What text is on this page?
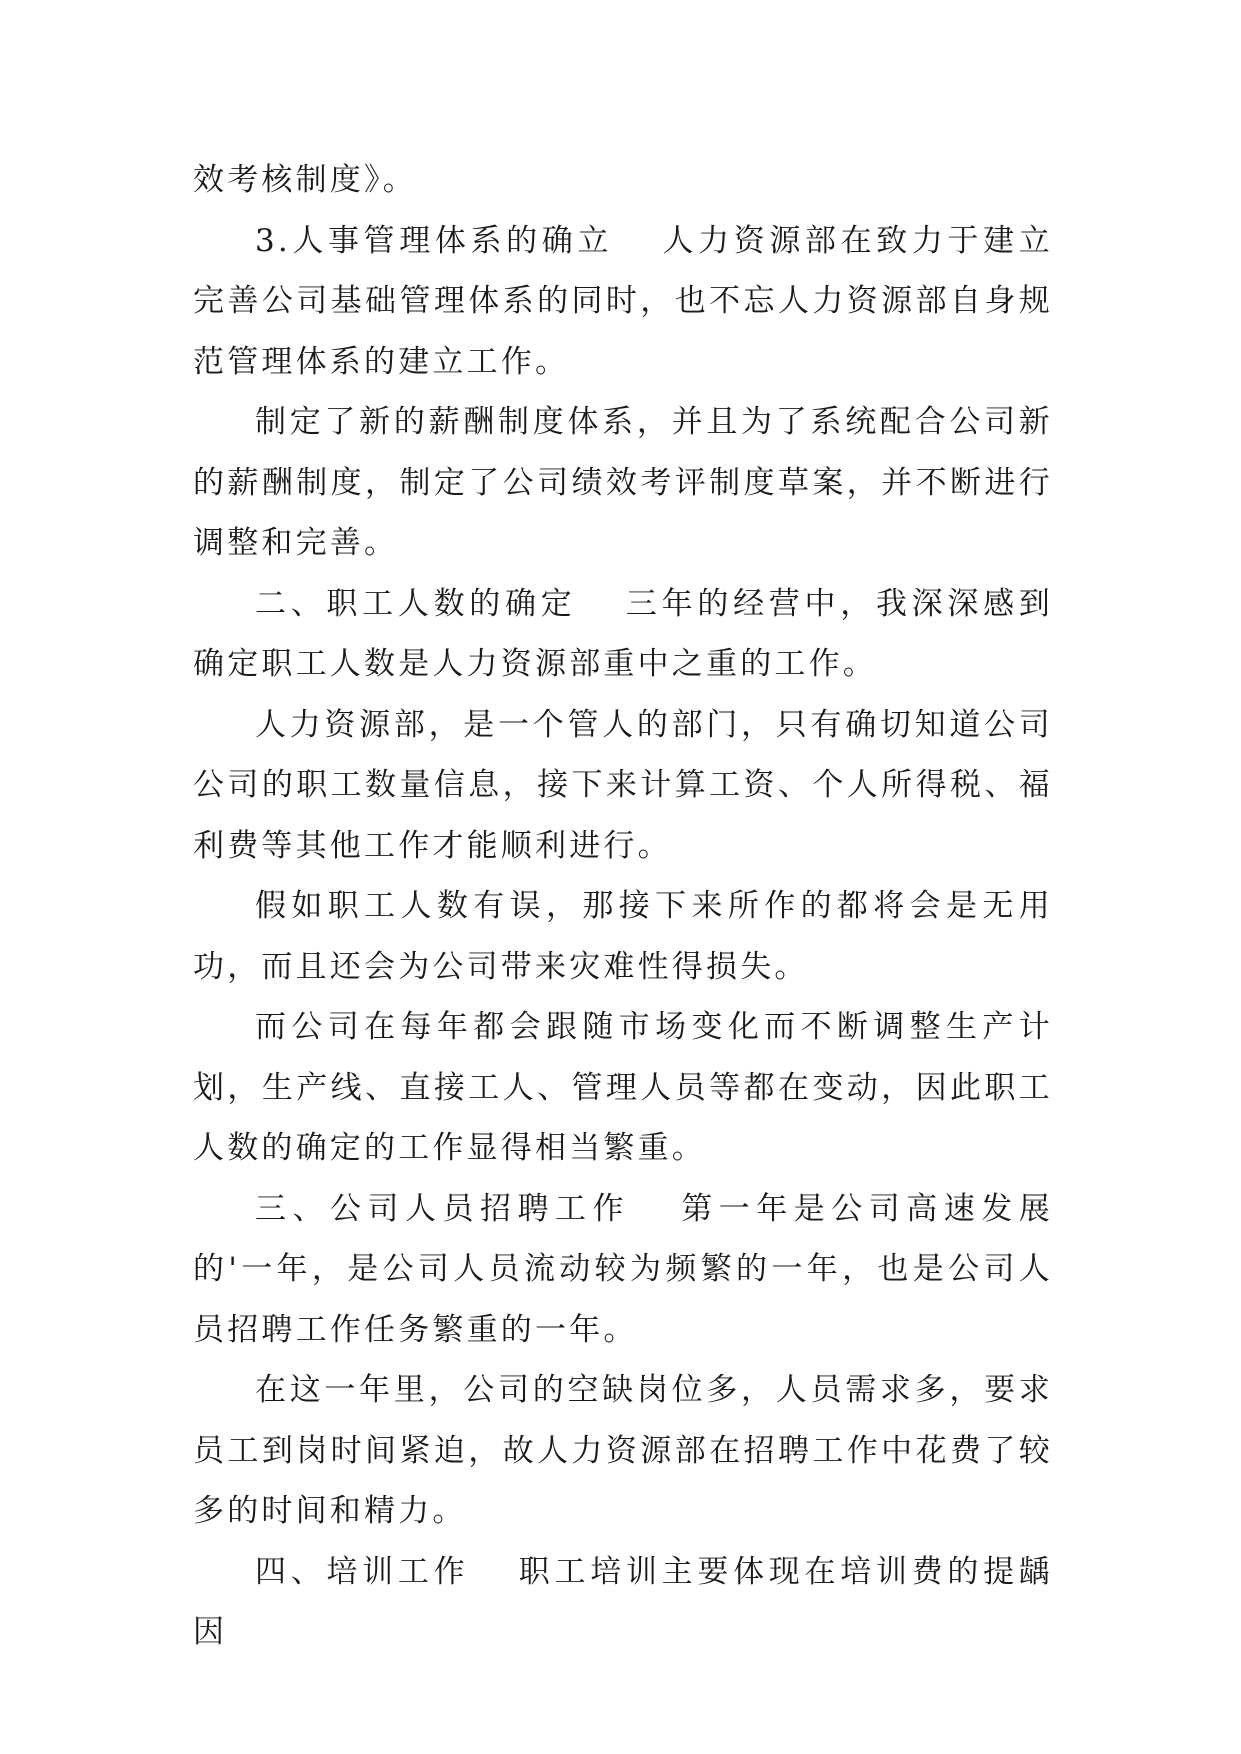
效考核制度》。

3.人事管理体系的确立 人力资源部在致力于建立完善公司基础管理体系的同时，也不忘人力资源部自身规范管理体系的建立工作。

制定了新的薪酬制度体系，并且为了系统配合公司新的薪酬制度，制定了公司绩效考评制度草案，并不断进行调整和完善。

二、职工人数的确定 三年的经营中，我深深感到确定职工人数是人力资源部重中之重的工作。

人力资源部，是一个管人的部门，只有确切知道公司公司的职工数量信息，接下来计算工资、个人所得税、福利费等其他工作才能顺利进行。

假如职工人数有误，那接下来所作的都将会是无用功，而且还会为公司带来灾难性得损失。

而公司在每年都会跟随市场变化而不断调整生产计划，生产线、直接工人、管理人员等都在变动，因此职工人数的确定的工作显得相当繁重。

三、公司人员招聘工作 第一年是公司高速发展的'一年，是公司人员流动较为频繁的一年，也是公司人员招聘工作任务繁重的一年。

在这一年里，公司的空缺岗位多，人员需求多，要求员工到岗时间紧迫，故人力资源部在招聘工作中花费了较多的时间和精力。

四、培训工作 职工培训主要体现在培训费的提龋因
